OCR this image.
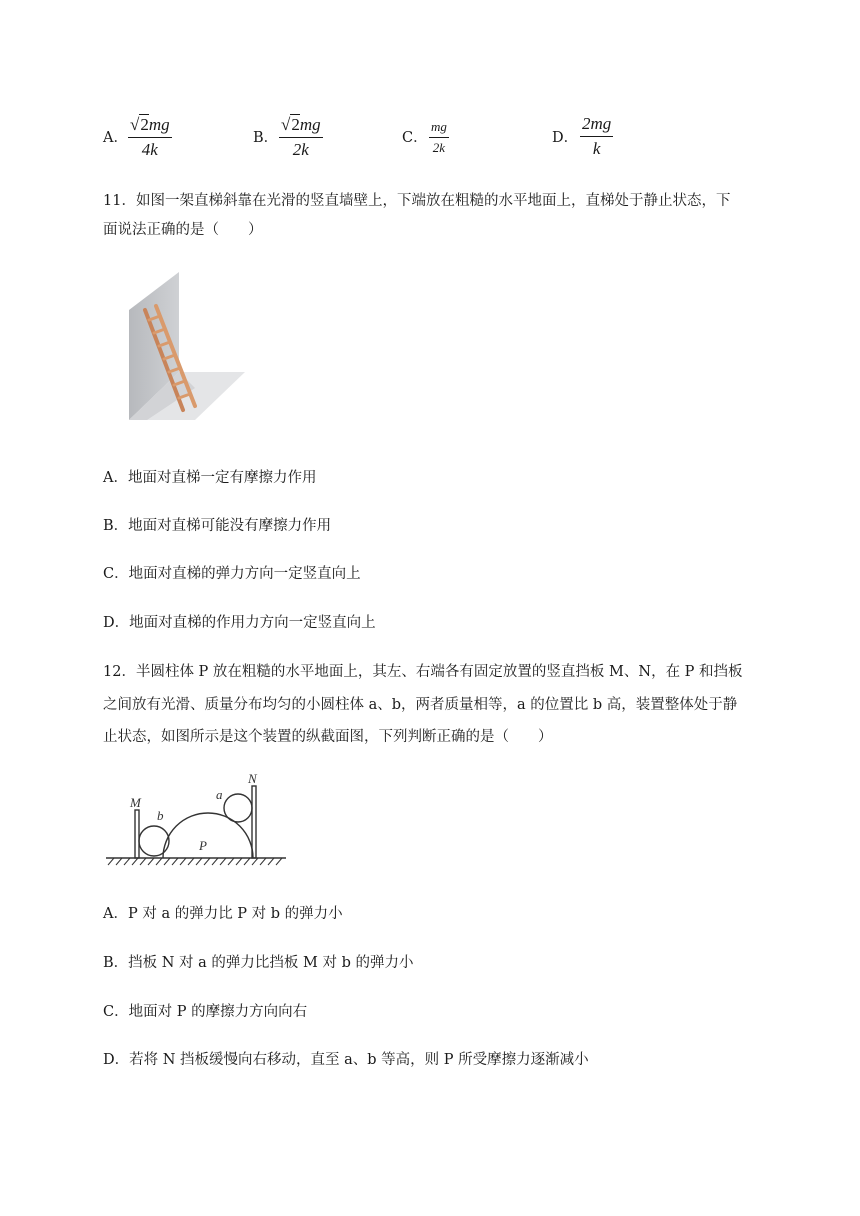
A．
√ 2 mg
4k
B．
√ 2 mg
2k
C．
mg
2k
D．
2mg
k
11．如图一架直梯斜靠在光滑的竖直墙壁上，下端放在粗糙的水平地面上，直梯处于静止状态，下
面说法正确的是（　　）
A．地面对直梯一定有摩擦力作用
B．地面对直梯可能没有摩擦力作用
C．地面对直梯的弹力方向一定竖直向上
D．地面对直梯的作用力方向一定竖直向上
12．半圆柱体 P 放在粗糙的水平地面上，其左、右端各有固定放置的竖直挡板 M、N，在 P 和挡板
之间放有光滑、质量分布均匀的小圆柱体 a、b，两者质量相等，a 的位置比 b 高，装置整体处于静
止状态，如图所示是这个装置的纵截面图，下列判断正确的是（　　）
M
b
a
N
P
A．P 对 a 的弹力比 P 对 b 的弹力小
B．挡板 N 对 a 的弹力比挡板 M 对 b 的弹力小
C．地面对 P 的摩擦力方向向右
D．若将 N 挡板缓慢向右移动，直至 a、b 等高，则 P 所受摩擦力逐渐减小
